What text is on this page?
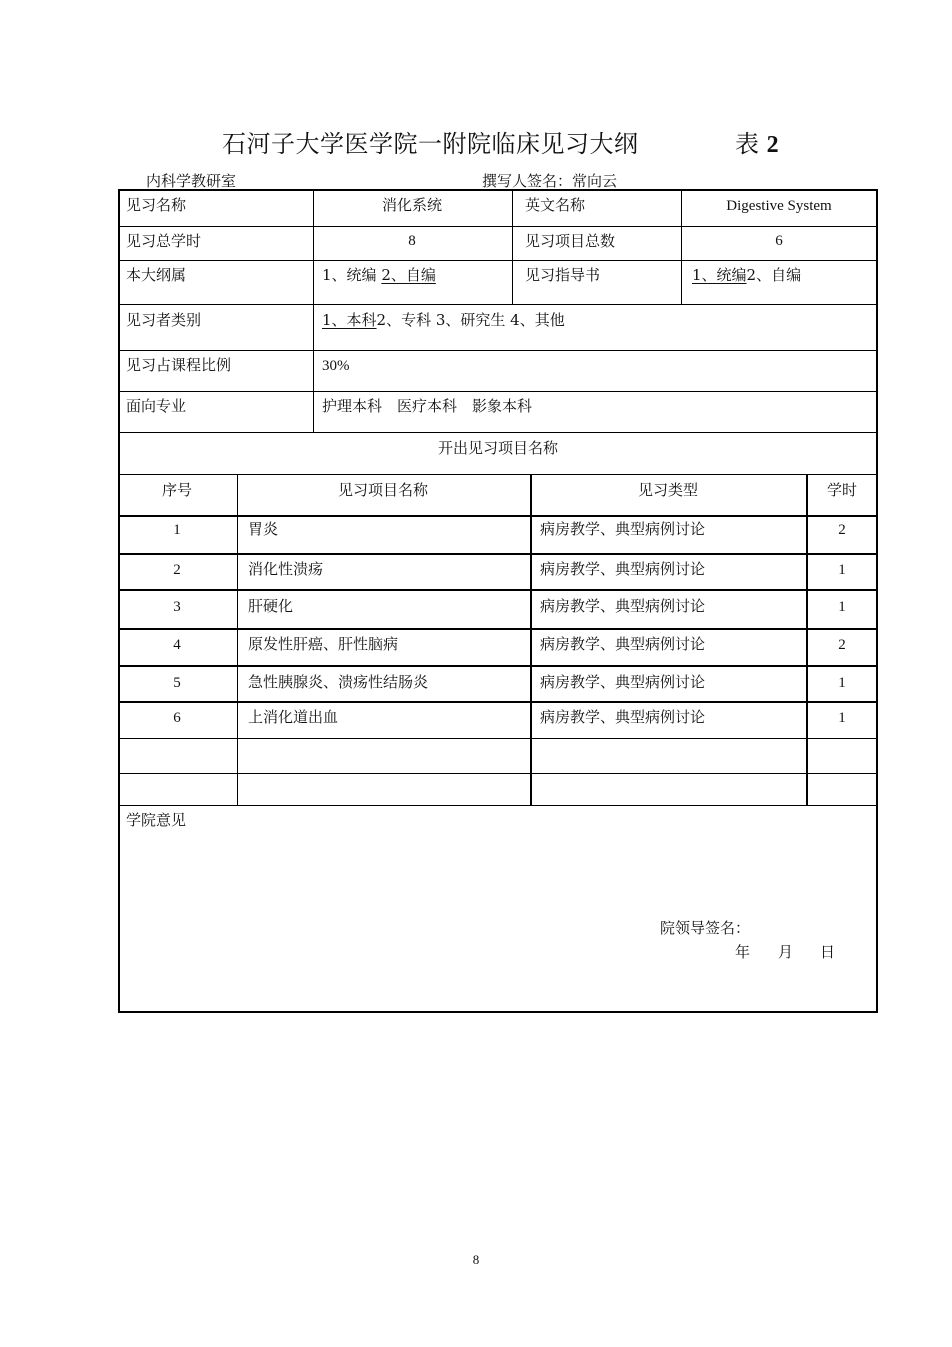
石河子大学医学院一附院临床见习大纲	表 2
内科学教研室	撰写人签名：常向云
见习名称	消化系统	英文名称	Digestive System
见习总学时	8	见习项目总数	6
本大纲属	1、统编 2、自编	见习指导书	1、统编2、自编
见习者类别	1、本科2、专科 3、研究生 4、其他
见习占课程比例	30%
面向专业	护理本科　医疗本科　影象本科
开出见习项目名称
序号	见习项目名称	见习类型	学时
1	胃炎	病房教学、典型病例讨论	2
2	消化性溃疡	病房教学、典型病例讨论	1
3	肝硬化	病房教学、典型病例讨论	1
4	原发性肝癌、肝性脑病	病房教学、典型病例讨论	2
5	急性胰腺炎、溃疡性结肠炎	病房教学、典型病例讨论	1
6	上消化道出血	病房教学、典型病例讨论	1
学院意见
院领导签名：
年 月 日
8
